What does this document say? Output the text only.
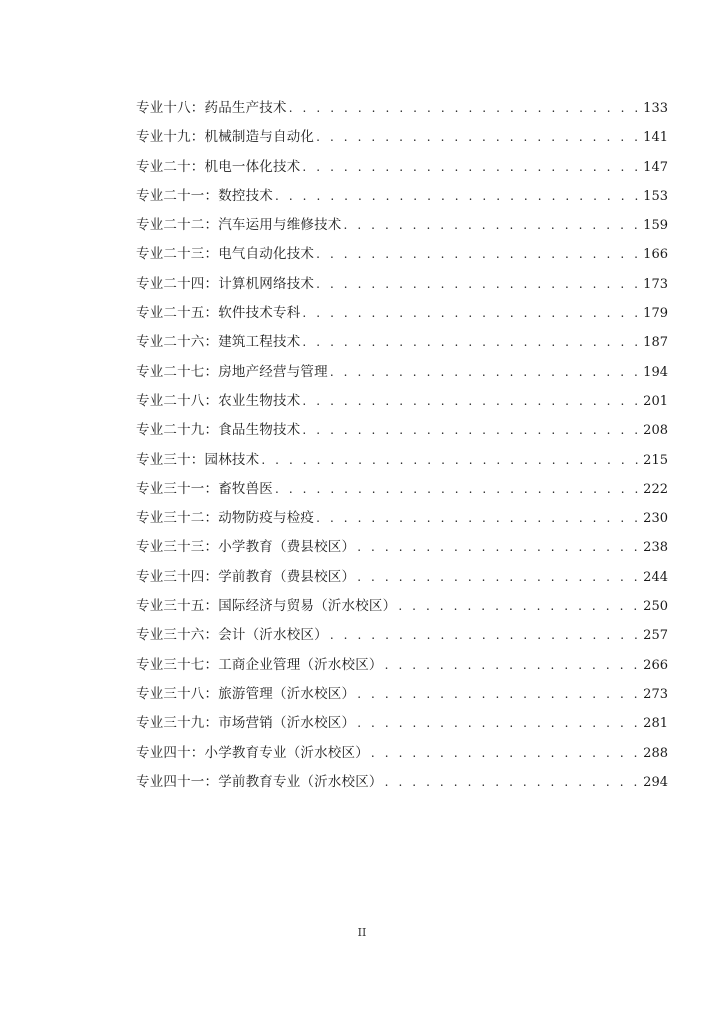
专业十八：药品生产技术 . . .	133
专业十九：机械制造与自动化 . . .	141
专业二十：机电一体化技术 . . .	147
专业二十一：数控技术 . . .	153
专业二十二：汽车运用与维修技术 . . .	159
专业二十三：电气自动化技术 . . .	166
专业二十四：计算机网络技术 . . .	173
专业二十五：软件技术专科 . . .	179
专业二十六：建筑工程技术 . . .	187
专业二十七：房地产经营与管理 . . .	194
专业二十八：农业生物技术 . . .	201
专业二十九：食品生物技术 . . .	208
专业三十：园林技术 . . .	215
专业三十一：畜牧兽医 . . .	222
专业三十二：动物防疫与检疫 . . .	230
专业三十三：小学教育（费县校区） . . .	238
专业三十四：学前教育（费县校区） . . .	244
专业三十五：国际经济与贸易（沂水校区） . . .	250
专业三十六：会计（沂水校区） . . .	257
专业三十七：工商企业管理（沂水校区） . . .	266
专业三十八：旅游管理（沂水校区） . . .	273
专业三十九：市场营销（沂水校区） . . .	281
专业四十：小学教育专业（沂水校区） . . .	288
专业四十一：学前教育专业（沂水校区） . . .	294
II
